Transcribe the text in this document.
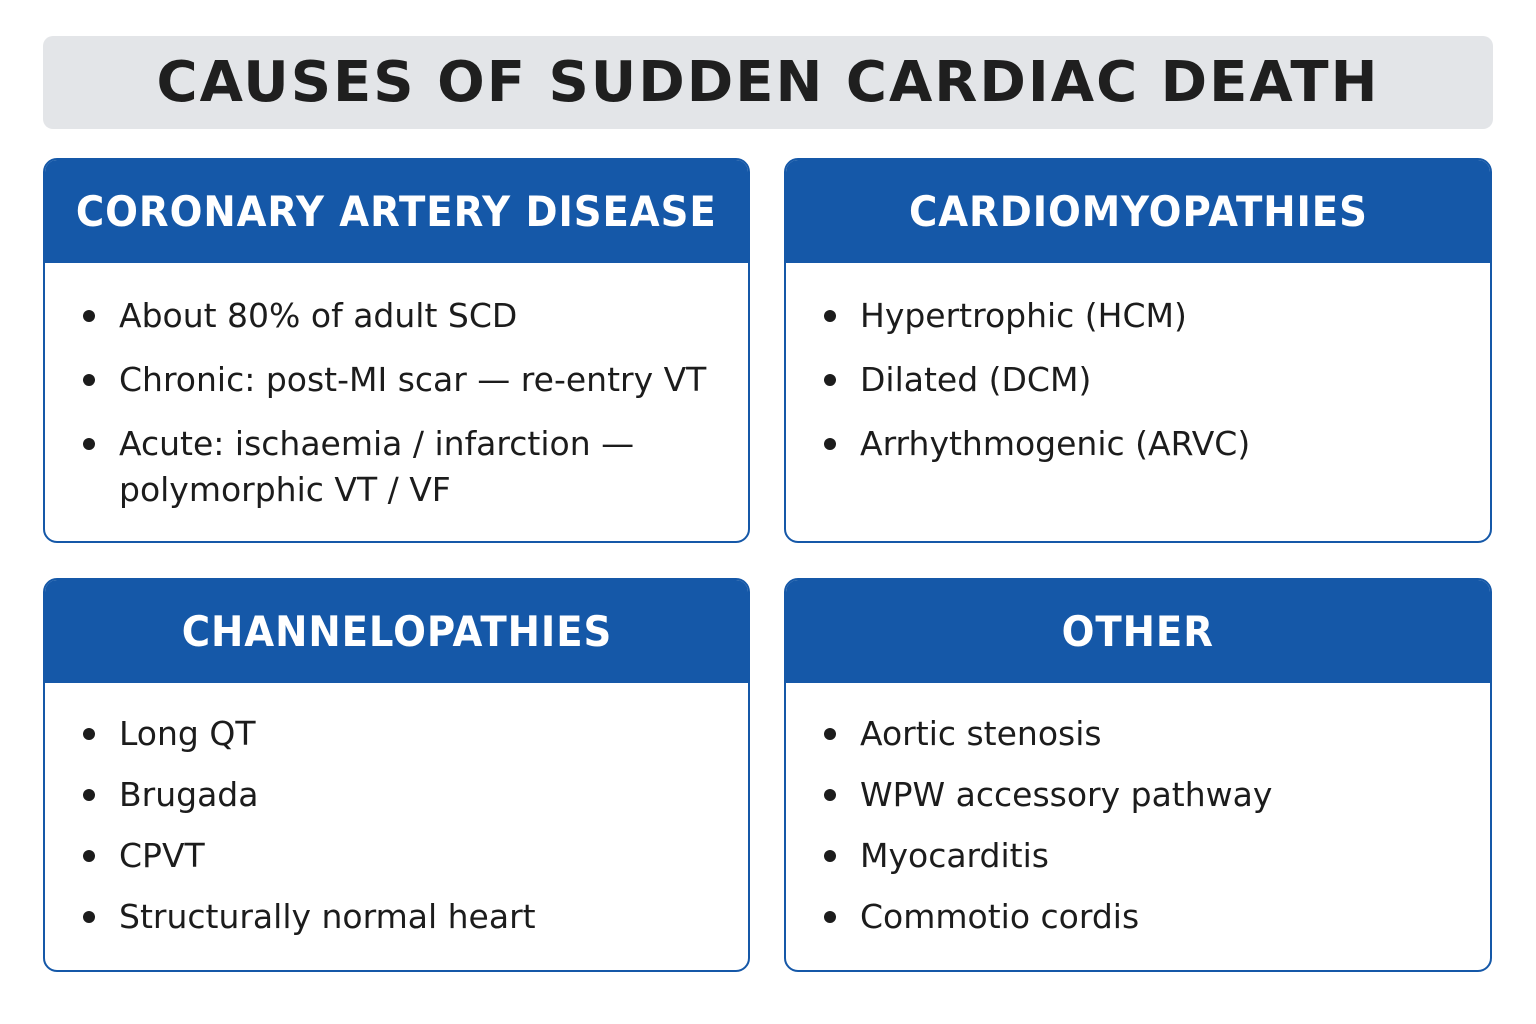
CAUSES OF SUDDEN CARDIAC DEATH
CORONARY ARTERY DISEASE
About 80% of adult SCD
Chronic: post-MI scar — re-entry VT
Acute: ischaemia / infarction — polymorphic VT / VF
CARDIOMYOPATHIES
Hypertrophic (HCM)
Dilated (DCM)
Arrhythmogenic (ARVC)
CHANNELOPATHIES
Long QT
Brugada
CPVT
Structurally normal heart
OTHER
Aortic stenosis
WPW accessory pathway
Myocarditis
Commotio cordis
